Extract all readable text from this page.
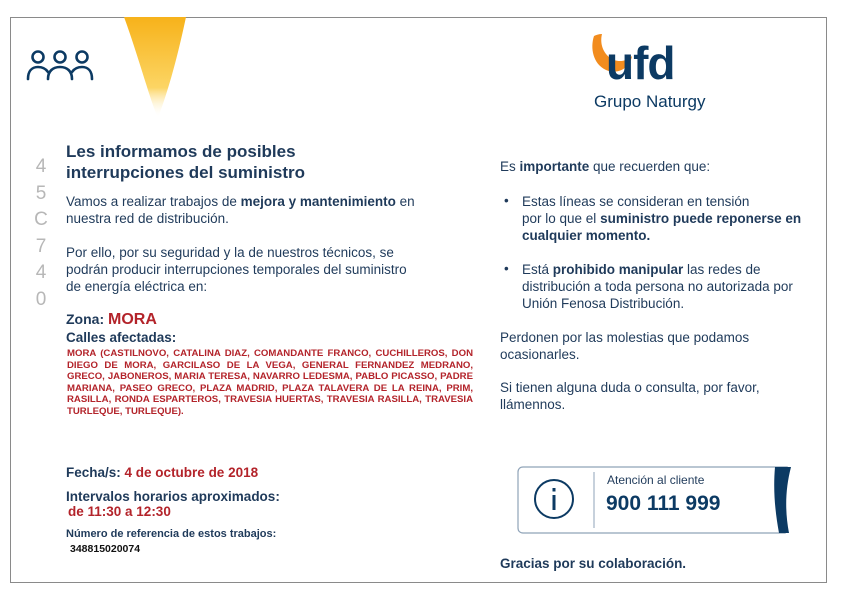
ufd
Grupo Naturgy
4
5
C
7
4
0
Les informamos de posibles
interrupciones del suministro
Vamos a realizar trabajos de mejora y mantenimiento en
nuestra red de distribución.
Por ello, por su seguridad y la de nuestros técnicos, se
podrán producir interrupciones temporales del suministro
de energía eléctrica en:
Zona: MORA
Calles afectadas:
MORA (CASTILNOVO, CATALINA DIAZ, COMANDANTE FRANCO, CUCHILLEROS, DON DIEGO DE MORA, GARCILASO DE LA VEGA, GENERAL FERNANDEZ MEDRANO, GRECO, JABONEROS, MARIA TERESA, NAVARRO LEDESMA, PABLO PICASSO, PADRE MARIANA, PASEO GRECO, PLAZA MADRID, PLAZA TALAVERA DE LA REINA, PRIM, RASILLA, RONDA ESPARTEROS, TRAVESIA HUERTAS, TRAVESIA RASILLA, TRAVESIA TURLEQUE, TURLEQUE).
Fecha/s: 4 de octubre de 2018
Intervalos horarios aproximados:
de 11:30 a 12:30
Número de referencia de estos trabajos:
348815020074
Es importante que recuerden que:
• Estas líneas se consideran en tensión
por lo que el suministro puede reponerse en
cualquier momento.
• Está prohibido manipular las redes de
distribución a toda persona no autorizada por
Unión Fenosa Distribución.
Perdonen por las molestias que podamos
ocasionarles.
Si tienen alguna duda o consulta, por favor,
llámennos.
Atención al cliente
900 111 999
Gracias por su colaboración.
